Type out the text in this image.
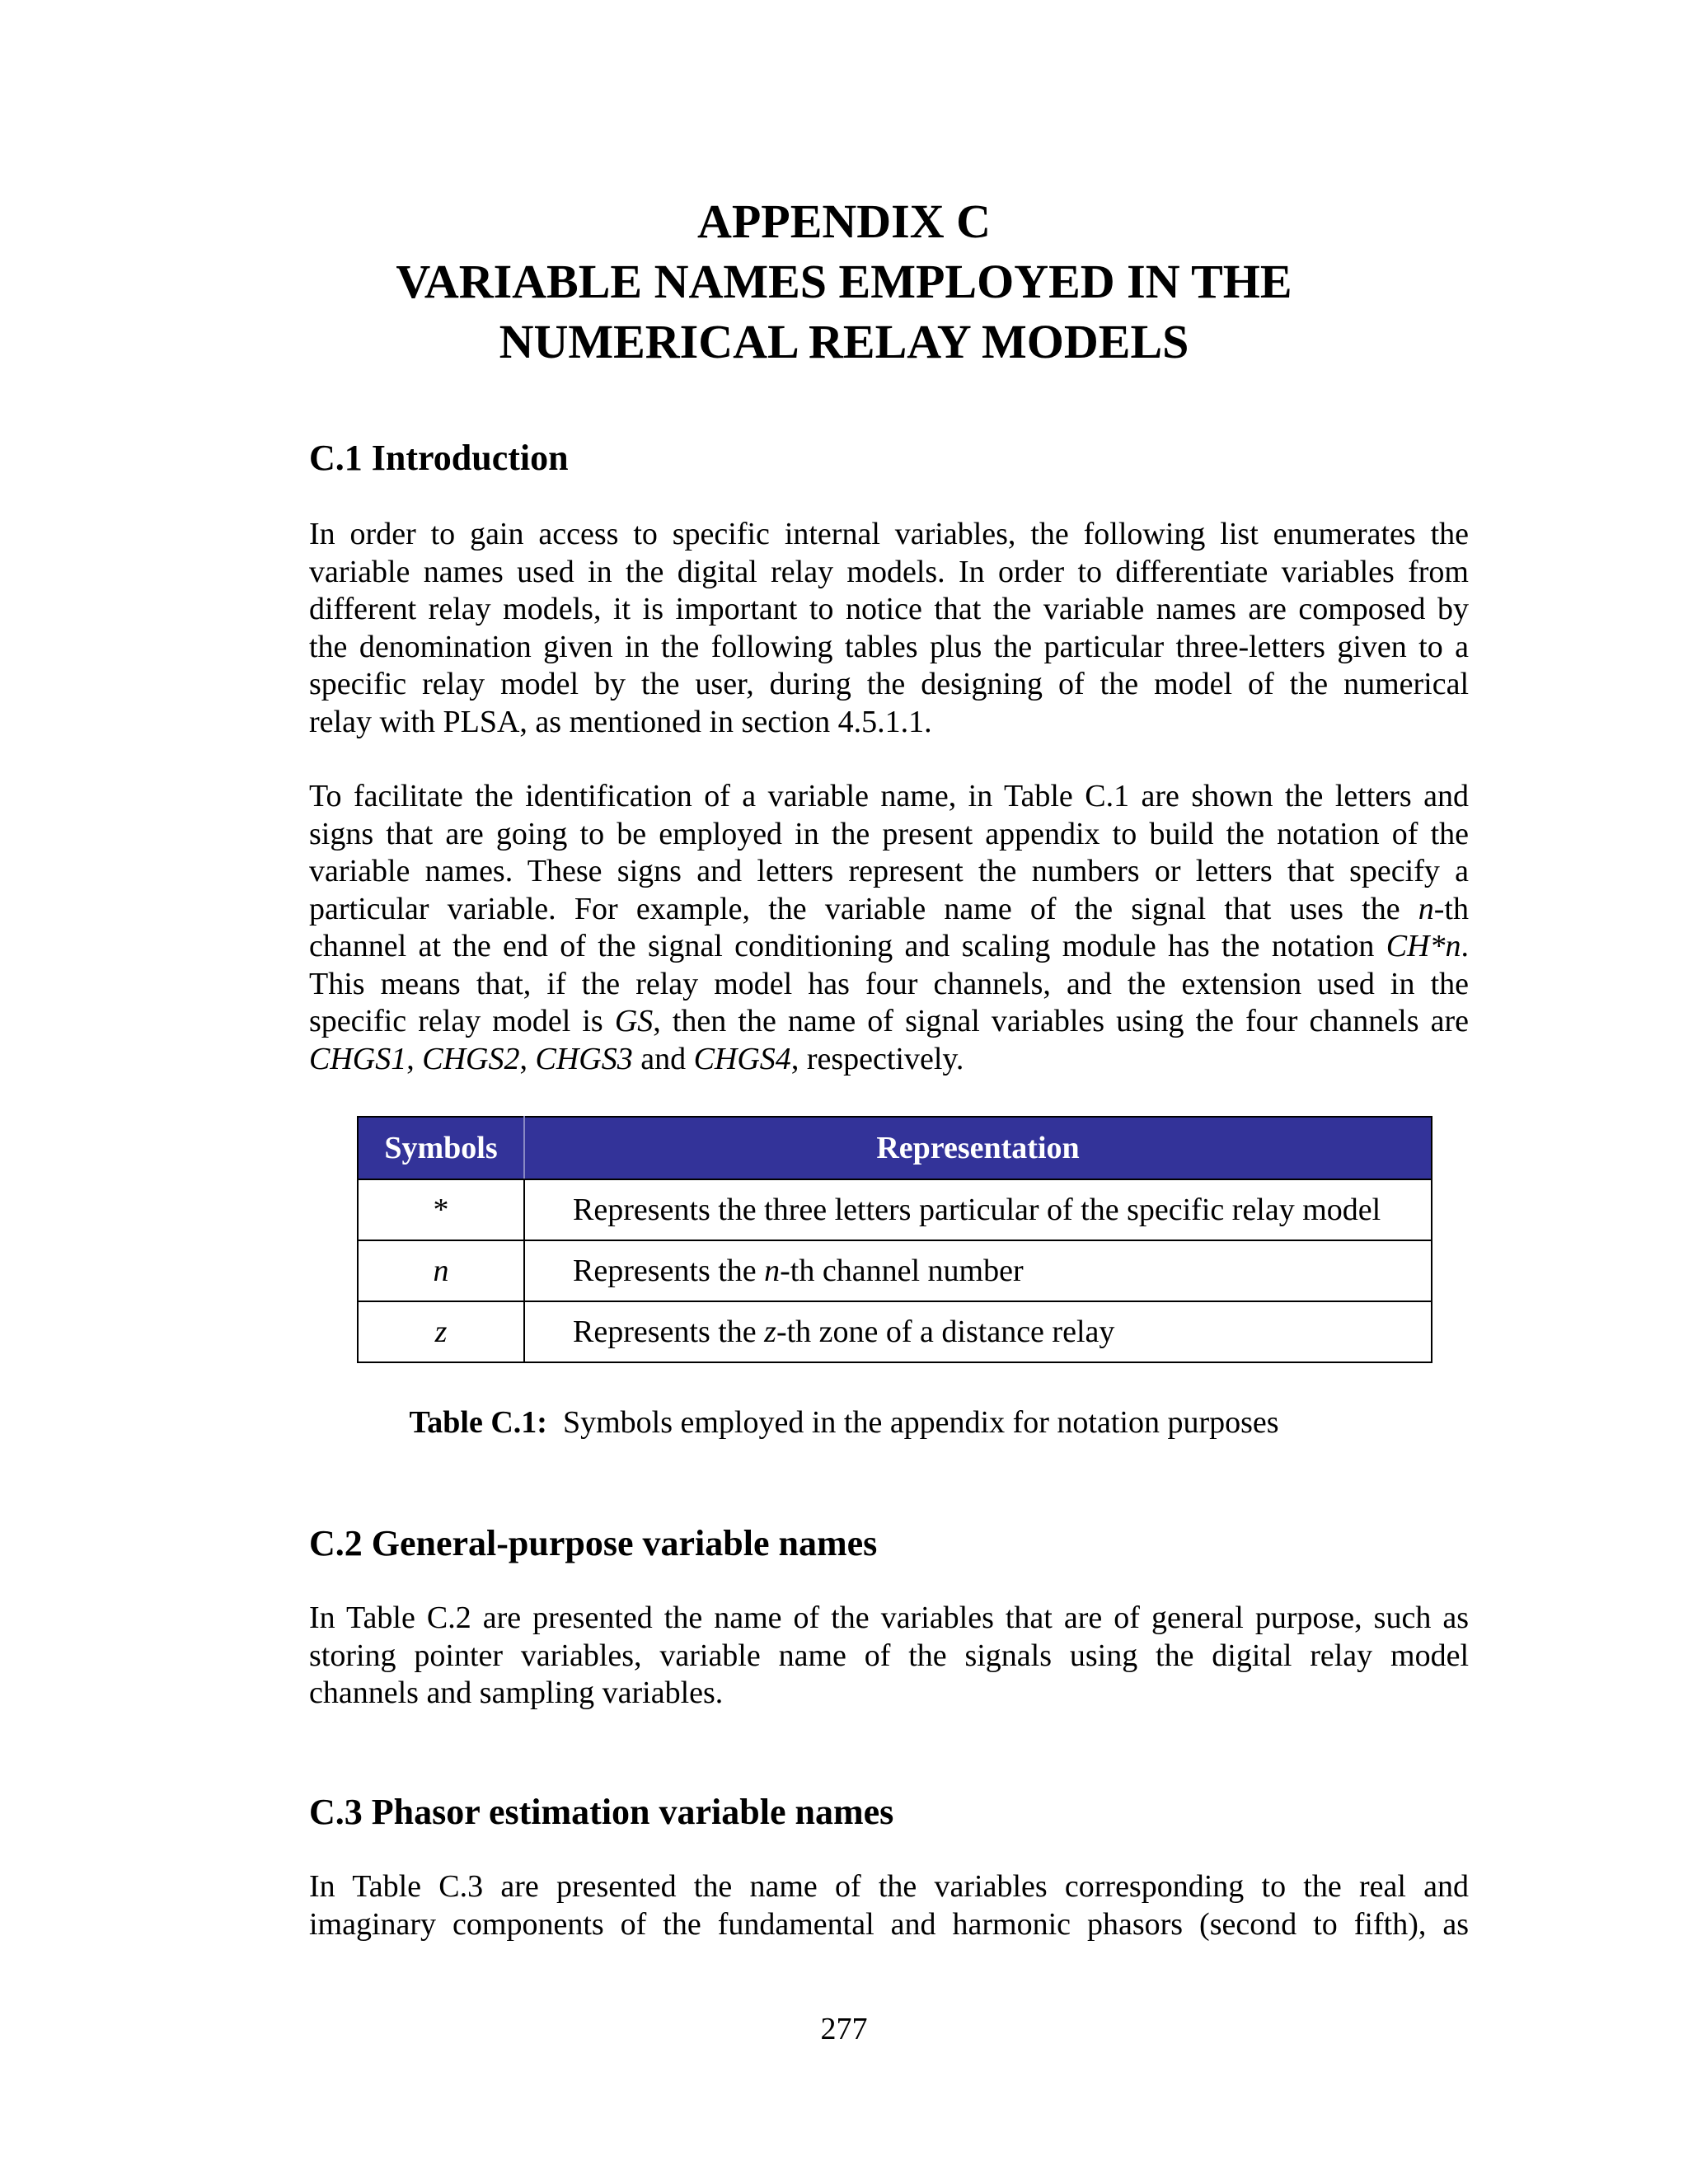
APPENDIX C
VARIABLE NAMES EMPLOYED IN THE
NUMERICAL RELAY MODELS
C.1 Introduction
In order to gain access to specific internal variables, the following list enumerates the
variable names used in the digital relay models. In order to differentiate variables from
different relay models, it is important to notice that the variable names are composed by
the denomination given in the following tables plus the particular three-letters given to a
specific relay model by the user, during the designing of the model of the numerical
relay with PLSA, as mentioned in section 4.5.1.1.
To facilitate the identification of a variable name, in Table C.1 are shown the letters and
signs that are going to be employed in the present appendix to build the notation of the
variable names. These signs and letters represent the numbers or letters that specify a
particular variable. For example, the variable name of the signal that uses the n-th
channel at the end of the signal conditioning and scaling module has the notation CH*n.
This means that, if the relay model has four channels, and the extension used in the
specific relay model is GS, then the name of signal variables using the four channels are
CHGS1, CHGS2, CHGS3 and CHGS4, respectively.
Symbols	Representation
*	Represents the three letters particular of the specific relay model
n	Represents the n-th channel number
z	Represents the z-th zone of a distance relay
Table C.1:  Symbols employed in the appendix for notation purposes
C.2 General-purpose variable names
In Table C.2 are presented the name of the variables that are of general purpose, such as
storing pointer variables, variable name of the signals using the digital relay model
channels and sampling variables.
C.3 Phasor estimation variable names
In Table C.3 are presented the name of the variables corresponding to the real and
imaginary components of the fundamental and harmonic phasors (second to fifth), as
277
